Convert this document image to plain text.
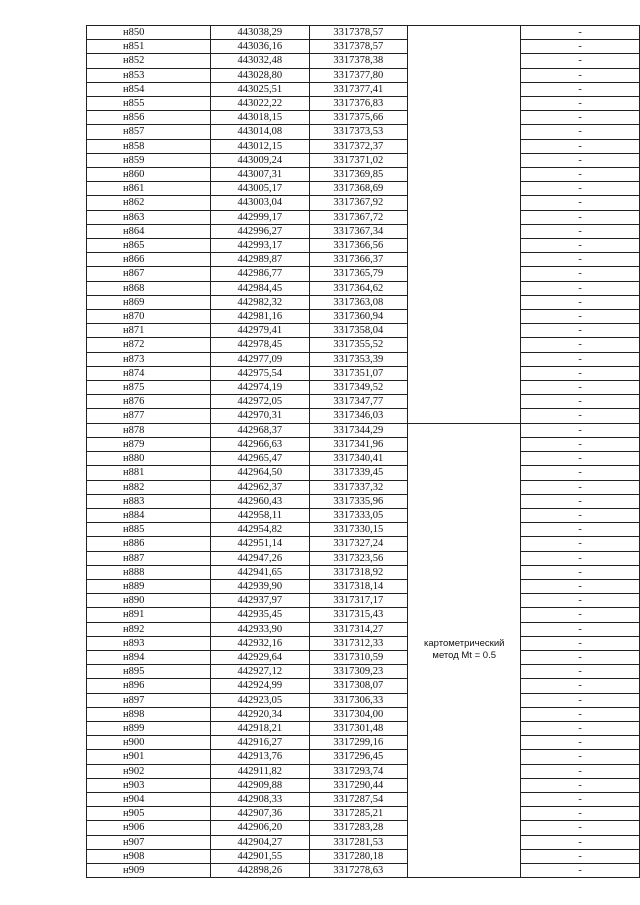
н850	443038,29	3317378,57		-
н851	443036,16	3317378,57		-
н852	443032,48	3317378,38		-
н853	443028,80	3317377,80		-
н854	443025,51	3317377,41		-
н855	443022,22	3317376,83		-
н856	443018,15	3317375,66		-
н857	443014,08	3317373,53		-
н858	443012,15	3317372,37		-
н859	443009,24	3317371,02		-
н860	443007,31	3317369,85		-
н861	443005,17	3317368,69		-
н862	443003,04	3317367,92		-
н863	442999,17	3317367,72		-
н864	442996,27	3317367,34		-
н865	442993,17	3317366,56		-
н866	442989,87	3317366,37		-
н867	442986,77	3317365,79		-
н868	442984,45	3317364,62		-
н869	442982,32	3317363,08		-
н870	442981,16	3317360,94		-
н871	442979,41	3317358,04		-
н872	442978,45	3317355,52		-
н873	442977,09	3317353,39		-
н874	442975,54	3317351,07		-
н875	442974,19	3317349,52		-
н876	442972,05	3317347,77		-
н877	442970,31	3317346,03		-
н878	442968,37	3317344,29	картометрический
метод Mt = 0.5	-
н879	442966,63	3317341,96		-
н880	442965,47	3317340,41		-
н881	442964,50	3317339,45		-
н882	442962,37	3317337,32		-
н883	442960,43	3317335,96		-
н884	442958,11	3317333,05		-
н885	442954,82	3317330,15		-
н886	442951,14	3317327,24		-
н887	442947,26	3317323,56		-
н888	442941,65	3317318,92		-
н889	442939,90	3317318,14		-
н890	442937,97	3317317,17		-
н891	442935,45	3317315,43		-
н892	442933,90	3317314,27		-
н893	442932,16	3317312,33		-
н894	442929,64	3317310,59		-
н895	442927,12	3317309,23		-
н896	442924,99	3317308,07		-
н897	442923,05	3317306,33		-
н898	442920,34	3317304,00		-
н899	442918,21	3317301,48		-
н900	442916,27	3317299,16		-
н901	442913,76	3317296,45		-
н902	442911,82	3317293,74		-
н903	442909,88	3317290,44		-
н904	442908,33	3317287,54		-
н905	442907,36	3317285,21		-
н906	442906,20	3317283,28		-
н907	442904,27	3317281,53		-
н908	442901,55	3317280,18		-
н909	442898,26	3317278,63		-
